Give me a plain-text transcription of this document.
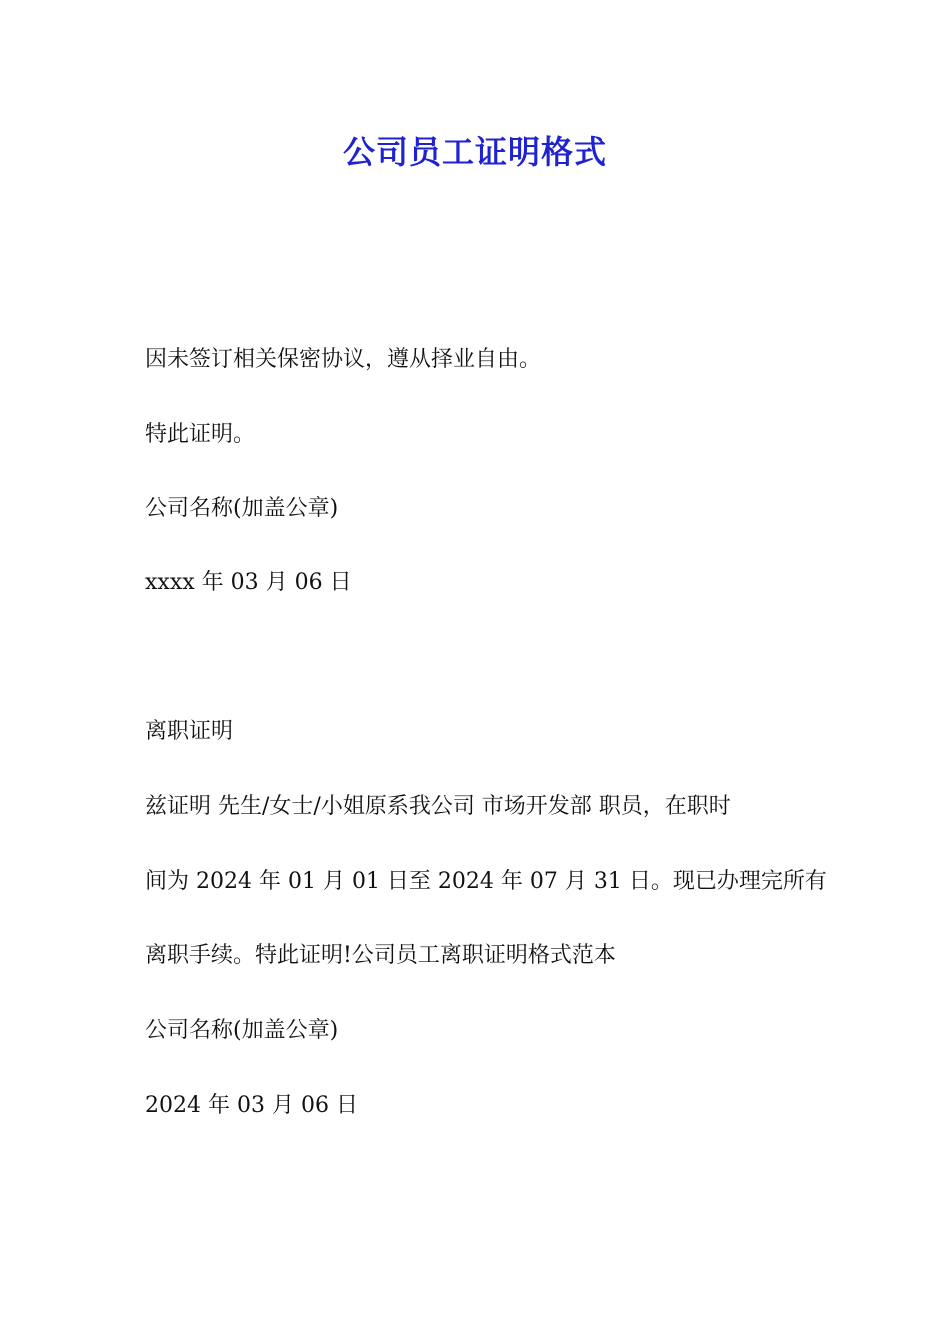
公司员工证明格式
因未签订相关保密协议，遵从择业自由。
特此证明。
公司名称(加盖公章)
xxxx 年 03 月 06 日
离职证明
兹证明 先生/女士/小姐原系我公司 市场开发部 职员，在职时
间为 2024 年 01 月 01 日至 2024 年 07 月 31 日。现已办理完所有
离职手续。特此证明!公司员工离职证明格式范本
公司名称(加盖公章)
2024 年 03 月 06 日
